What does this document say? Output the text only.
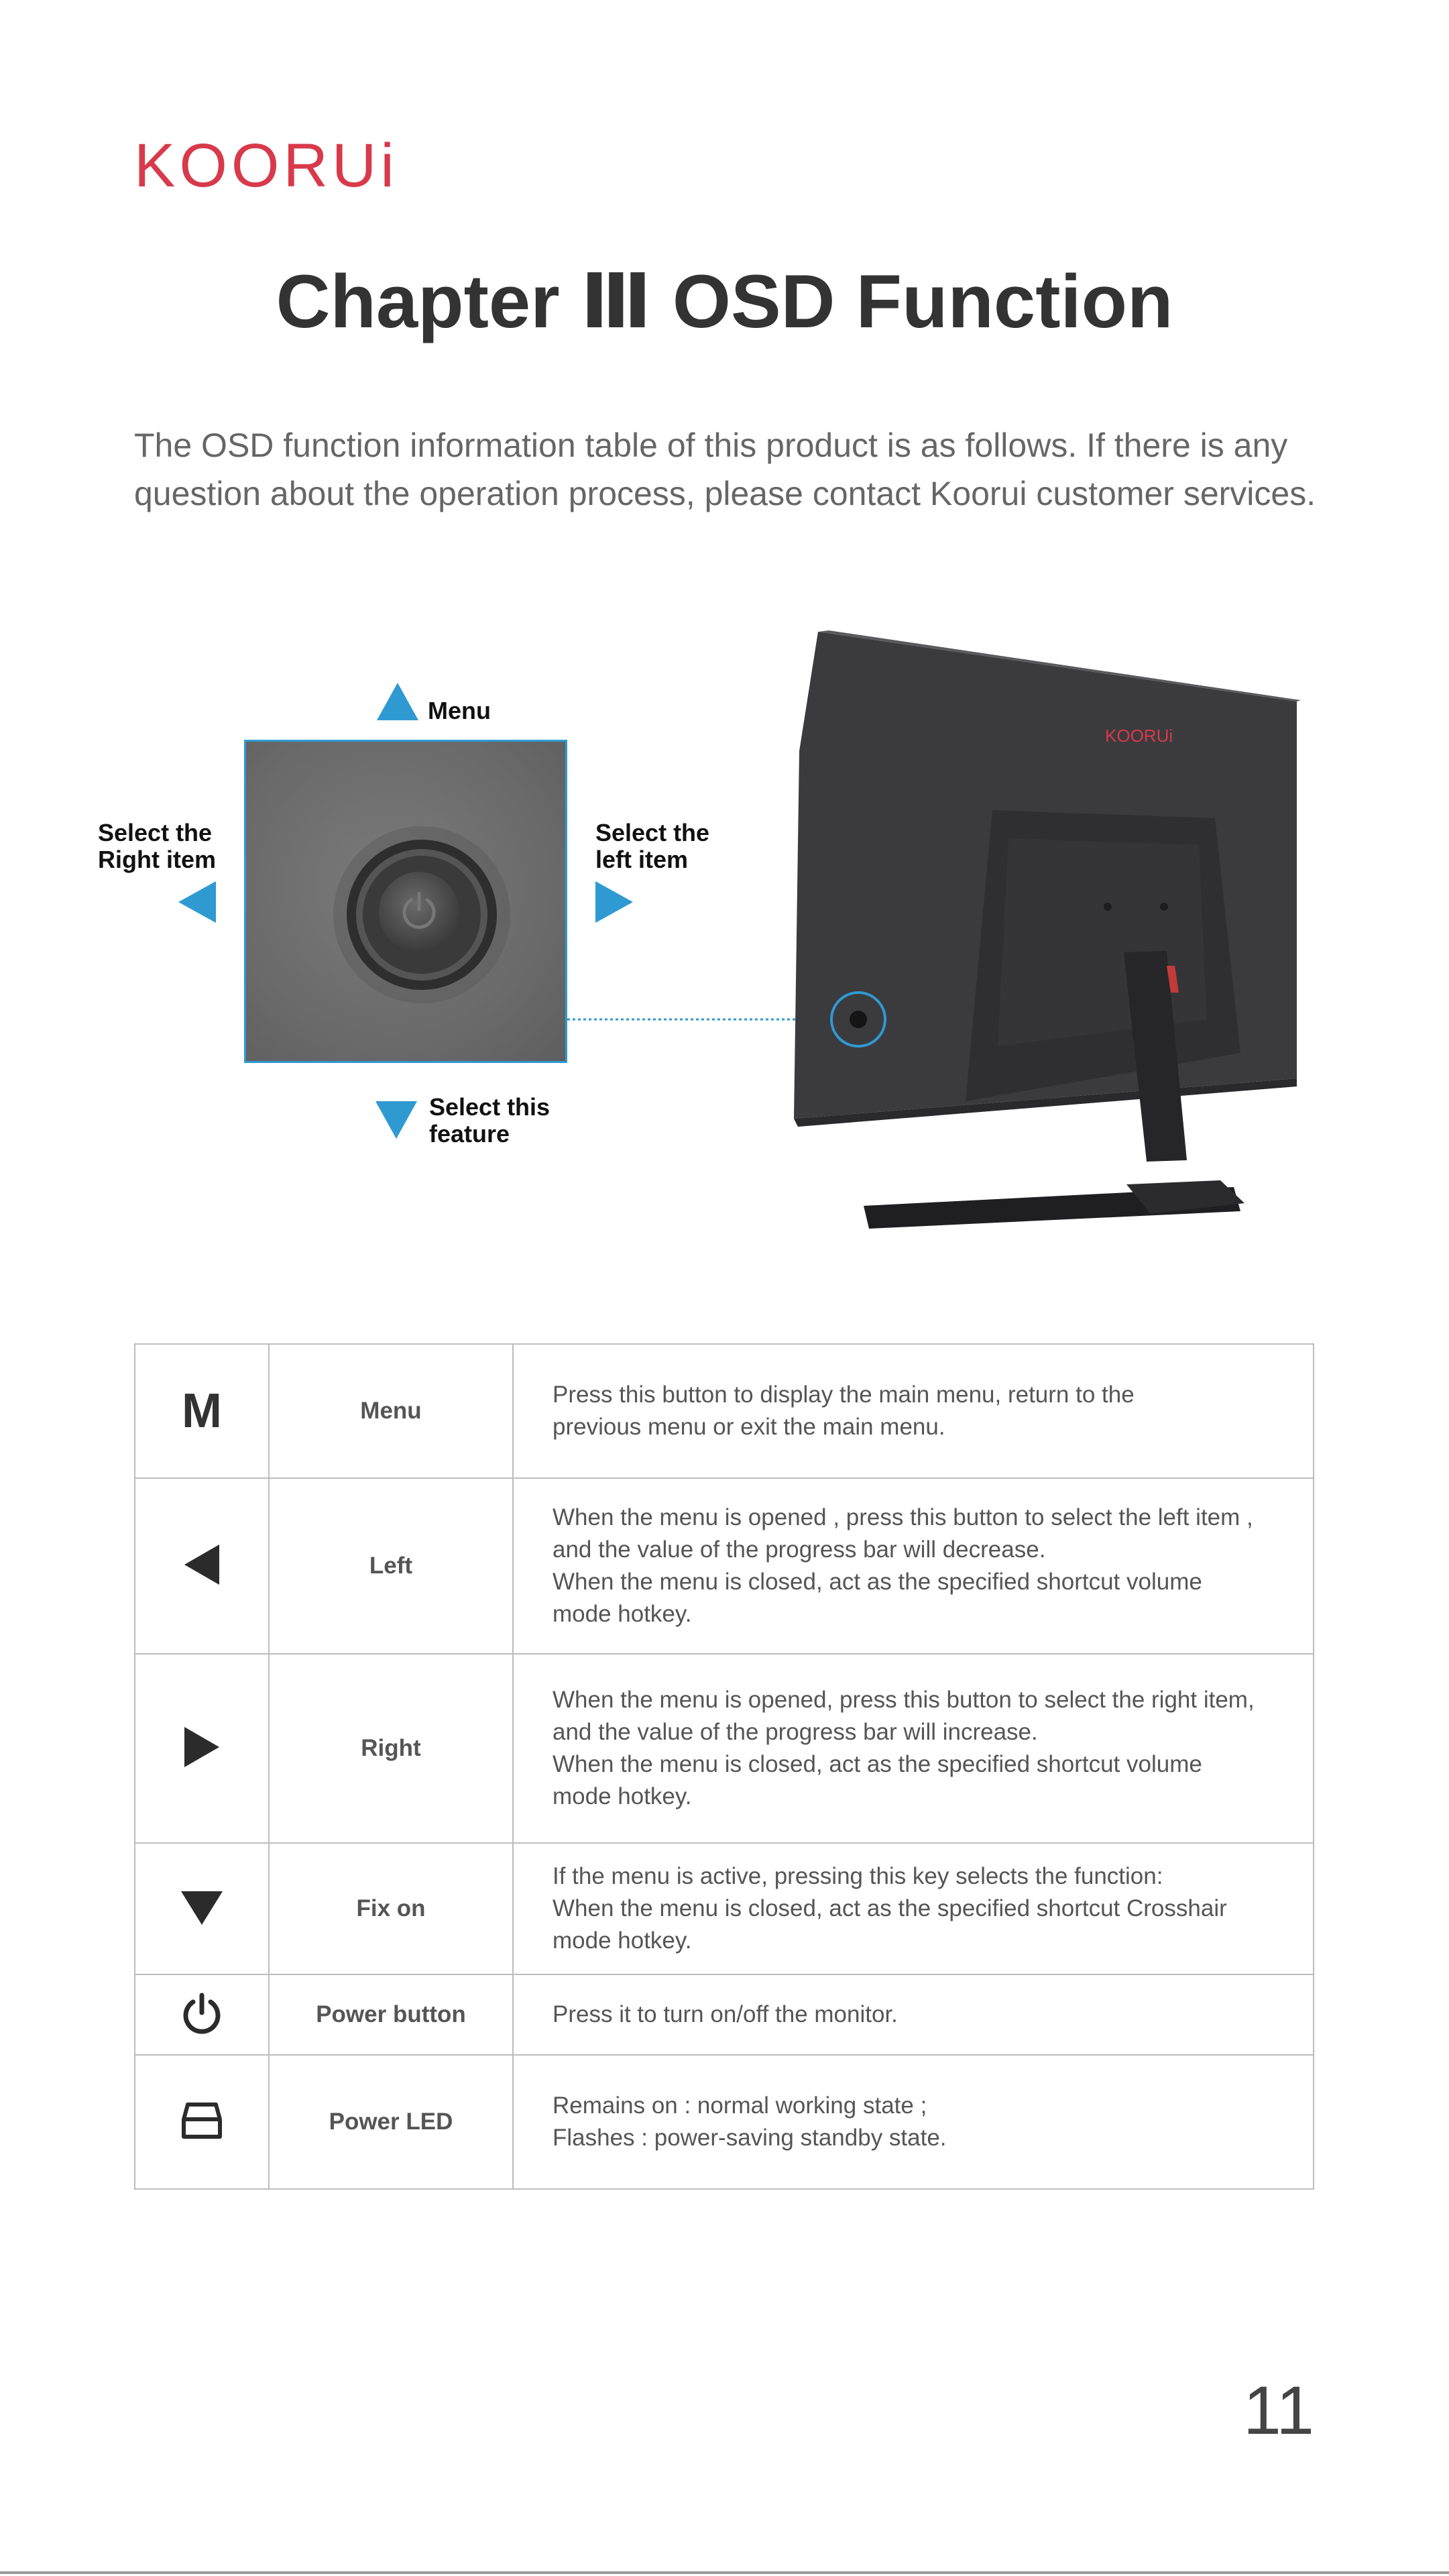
KOORUi
Chapter Ⅲ OSD Function
The OSD function information table of this product is as follows. If there is any question about the operation process, please contact Koorui customer services.
Menu
Select the
Right item
Select the
left item
Select this
feature
KOORUi
M	Menu	Press this button to display the main menu, return to the
previous menu or exit the main menu.

	Left	When the menu is opened , press this button to select the left item ,
and the value of the progress bar will decrease.
When the menu is closed, act as the specified shortcut volume
mode hotkey.

	Right	When the menu is opened, press this button to select the right item,
and the value of the progress bar will increase.
When the menu is closed, act as the specified shortcut volume
mode hotkey.

	Fix on	If the menu is active, pressing this key selects the function:
When the menu is closed, act as the specified shortcut Crosshair
mode hotkey.

	Power button	Press it to turn on/off the monitor.

	Power LED	Remains on : normal working state ;
Flashes : power-saving standby state.
11
